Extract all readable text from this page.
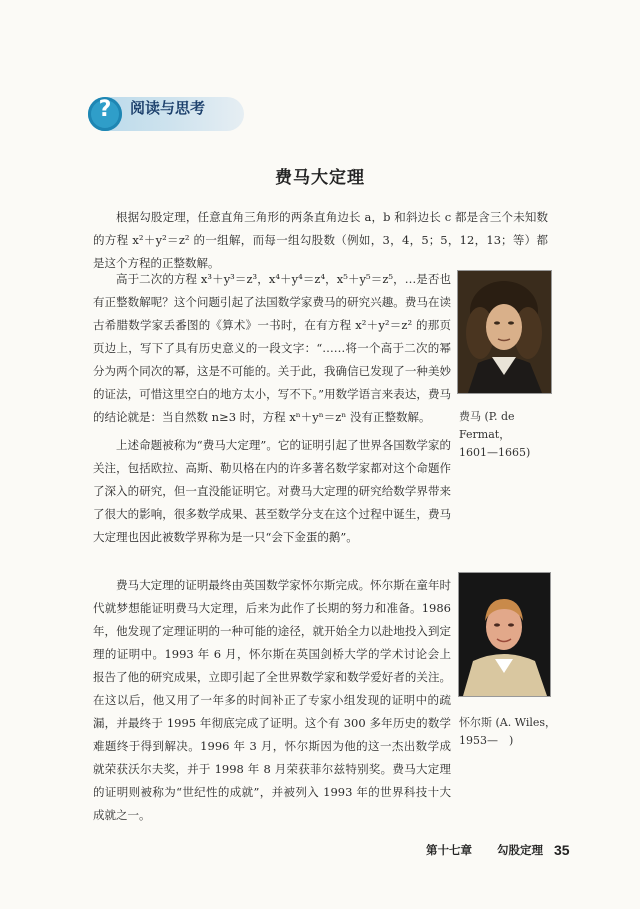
?	阅读与思考
费马大定理

根据勾股定理，任意直角三角形的两条直角边长 a，b 和斜边长 c 都是含三个未知数的方程 x²＋y²＝z² 的一组解，而每一组勾股数（例如，3，4，5；5，12，13；等）都是这个方程的正整数解。

高于二次的方程 x³＋y³＝z³，x⁴＋y⁴＝z⁴，x⁵＋y⁵＝z⁵，…是否也有正整数解呢？这个问题引起了法国数学家费马的研究兴趣。费马在读古希腊数学家丢番图的《算术》一书时，在有方程 x²＋y²＝z² 的那页页边上，写下了具有历史意义的一段文字：“……将一个高于二次的幂分为两个同次的幂，这是不可能的。关于此，我确信已发现了一种美妙的证法，可惜这里空白的地方太小，写不下。”用数学语言来表达，费马的结论就是：当自然数 n≥3 时，方程 xⁿ＋yⁿ＝zⁿ 没有正整数解。

上述命题被称为“费马大定理”。它的证明引起了世界各国数学家的关注，包括欧拉、高斯、勒贝格在内的许多著名数学家都对这个命题作了深入的研究，但一直没能证明它。对费马大定理的研究给数学界带来了很大的影响，很多数学成果、甚至数学分支在这个过程中诞生，费马大定理也因此被数学界称为是一只“会下金蛋的鹅”。

费马大定理的证明最终由英国数学家怀尔斯完成。怀尔斯在童年时代就梦想能证明费马大定理，后来为此作了长期的努力和准备。1986 年，他发现了定理证明的一种可能的途径，就开始全力以赴地投入到定理的证明中。1993 年 6 月，怀尔斯在英国剑桥大学的学术讨论会上报告了他的研究成果，立即引起了全世界数学家和数学爱好者的关注。在这以后，他又用了一年多的时间补正了专家小组发现的证明中的疏漏，并最终于 1995 年彻底完成了证明。这个有 300 多年历史的数学难题终于得到解决。1996 年 3 月，怀尔斯因为他的这一杰出数学成就荣获沃尔夫奖，并于 1998 年 8 月荣获菲尔兹特别奖。费马大定理的证明则被称为“世纪性的成就”，并被列入 1993 年的世界科技十大成就之一。

费马 (P. de Fermat，
1601—1665)
怀尔斯 (A. Wiles，
1953—　)
第十七章 勾股定理 35
